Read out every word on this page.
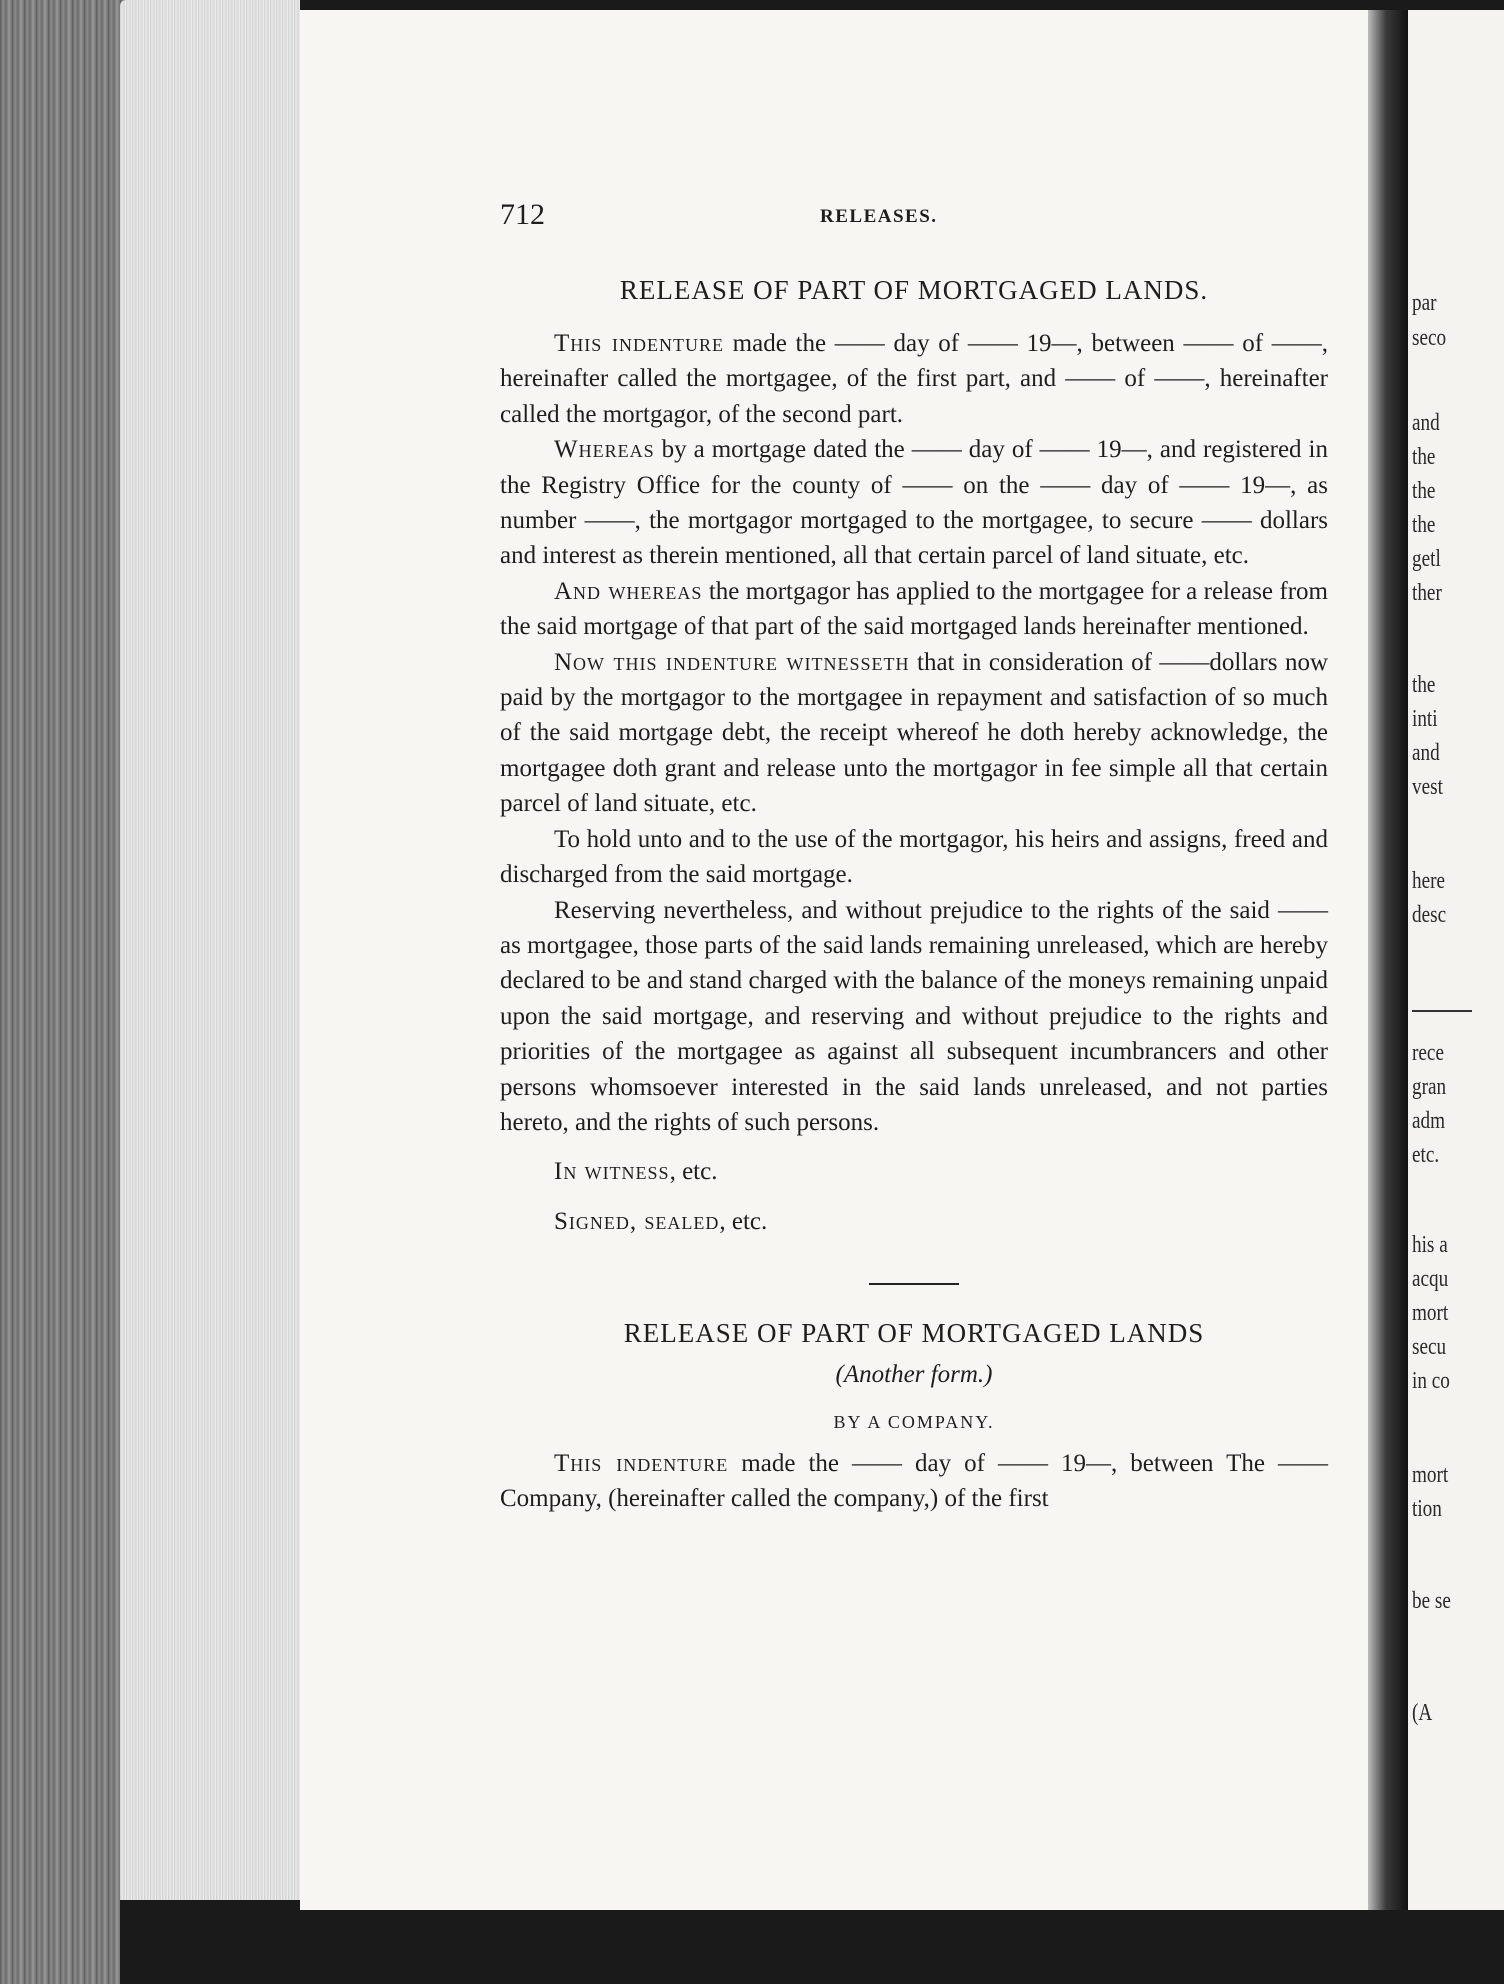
712	RELEASES.

RELEASE OF PART OF MORTGAGED LANDS.

This indenture made the —— day of —— 19—, between —— of ——, hereinafter called the mortgagee, of the first part, and —— of ——, hereinafter called the mortgagor, of the second part.

Whereas by a mortgage dated the —— day of —— 19—, and registered in the Registry Office for the county of —— on the —— day of —— 19—, as number ——, the mortgagor mortgaged to the mortgagee, to secure —— dollars and interest as therein mentioned, all that certain parcel of land situate, etc.

And whereas the mortgagor has applied to the mortgagee for a release from the said mortgage of that part of the said mortgaged lands hereinafter mentioned.

Now this indenture witnesseth that in consideration of ——dollars now paid by the mortgagor to the mortgagee in repayment and satisfaction of so much of the said mortgage debt, the receipt whereof he doth hereby acknowledge, the mortgagee doth grant and release unto the mortgagor in fee simple all that certain parcel of land situate, etc.

To hold unto and to the use of the mortgagor, his heirs and assigns, freed and discharged from the said mortgage.

Reserving nevertheless, and without prejudice to the rights of the said —— as mortgagee, those parts of the said lands remaining unreleased, which are hereby declared to be and stand charged with the balance of the moneys remaining unpaid upon the said mortgage, and reserving and without prejudice to the rights and priorities of the mortgagee as against all subsequent incumbrancers and other persons whomsoever interested in the said lands unreleased, and not parties hereto, and the rights of such persons.

In witness, etc.

Signed, sealed, etc.

RELEASE OF PART OF MORTGAGED LANDS

(Another form.)

BY A COMPANY.

This indenture made the —— day of —— 19—, between The —— Company, (hereinafter called the company,) of the first

par
seco
and
the
the
the
getl
ther
the
inti
and
vest
here
desc
rece
gran
adm
etc.
his a
acqu
mort
secu
in co
mort
tion
be se
(A
